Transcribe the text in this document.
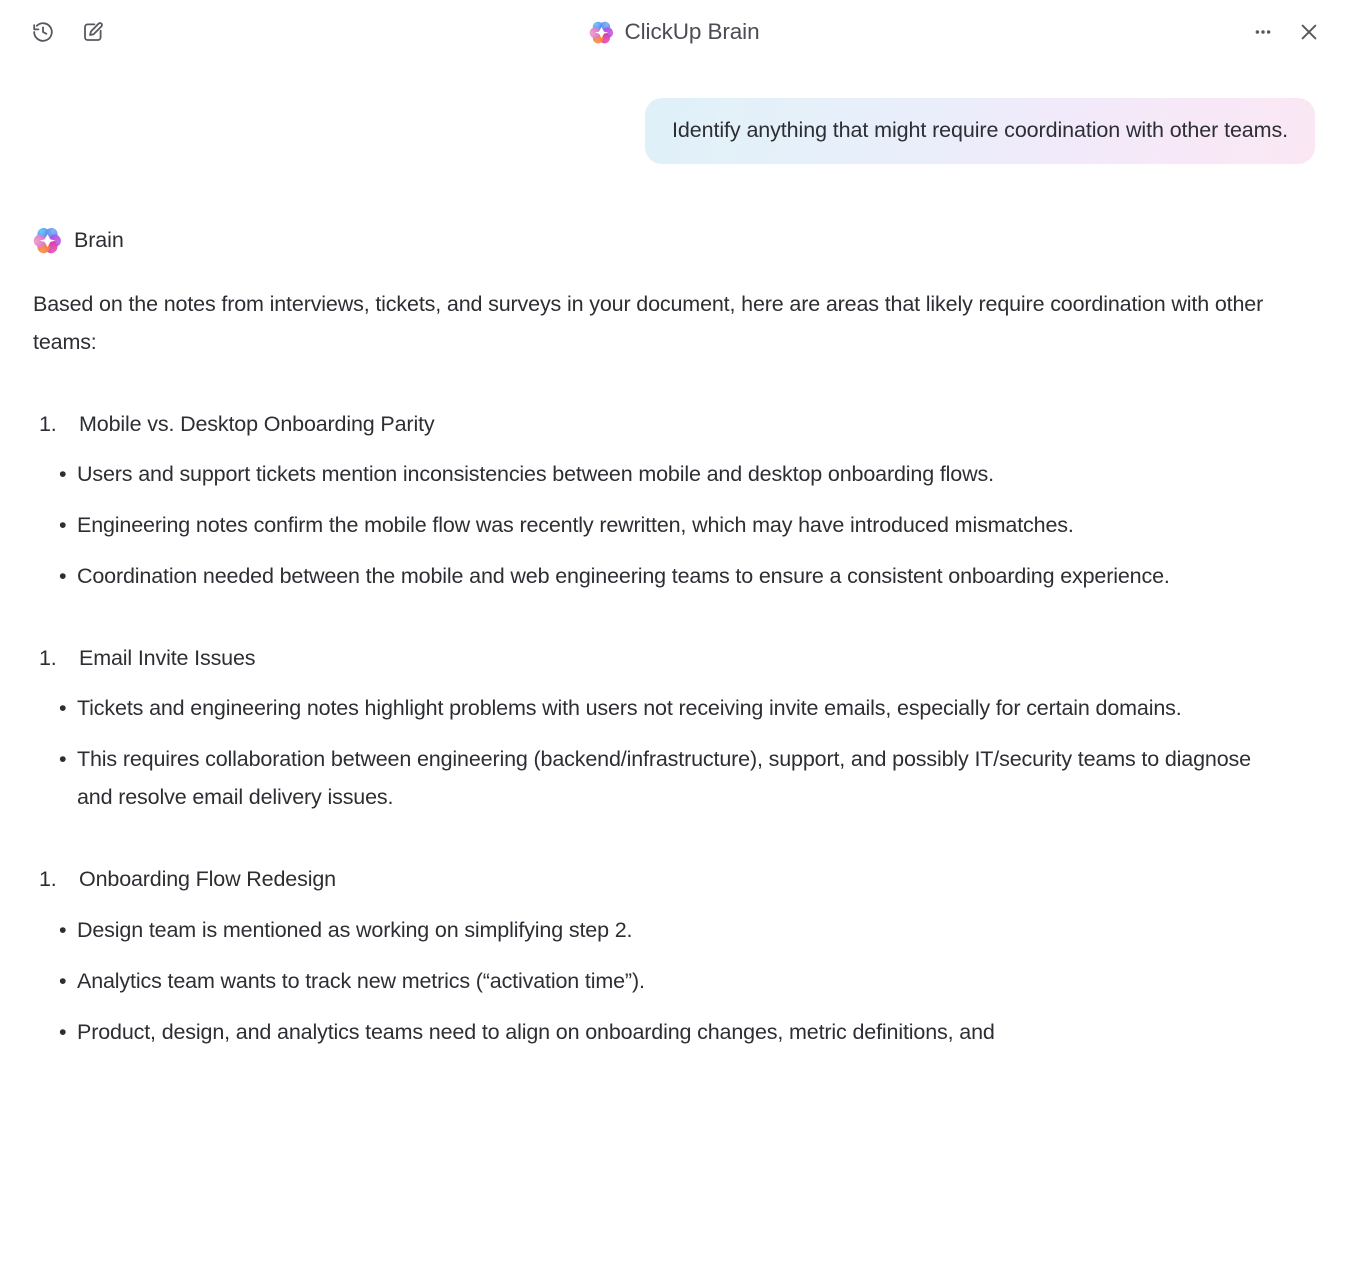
ClickUp Brain
Identify anything that might require coordination with other teams.
Brain

Based on the notes from interviews, tickets, and surveys in your document, here are areas that likely require coordination with other teams:

1.	Mobile vs. Desktop Onboarding Parity
• Users and support tickets mention inconsistencies between mobile and desktop onboarding flows.
• Engineering notes confirm the mobile flow was recently rewritten, which may have introduced mismatches.
• Coordination needed between the mobile and web engineering teams to ensure a consistent onboarding experience.
1.	Email Invite Issues
• Tickets and engineering notes highlight problems with users not receiving invite emails, especially for certain domains.
• This requires collaboration between engineering (backend/infrastructure), support, and possibly IT/security teams to diagnose and resolve email delivery issues.
1.	Onboarding Flow Redesign
• Design team is mentioned as working on simplifying step 2.
• Analytics team wants to track new metrics (“activation time”).
• Product, design, and analytics teams need to align on onboarding changes, metric definitions, and
